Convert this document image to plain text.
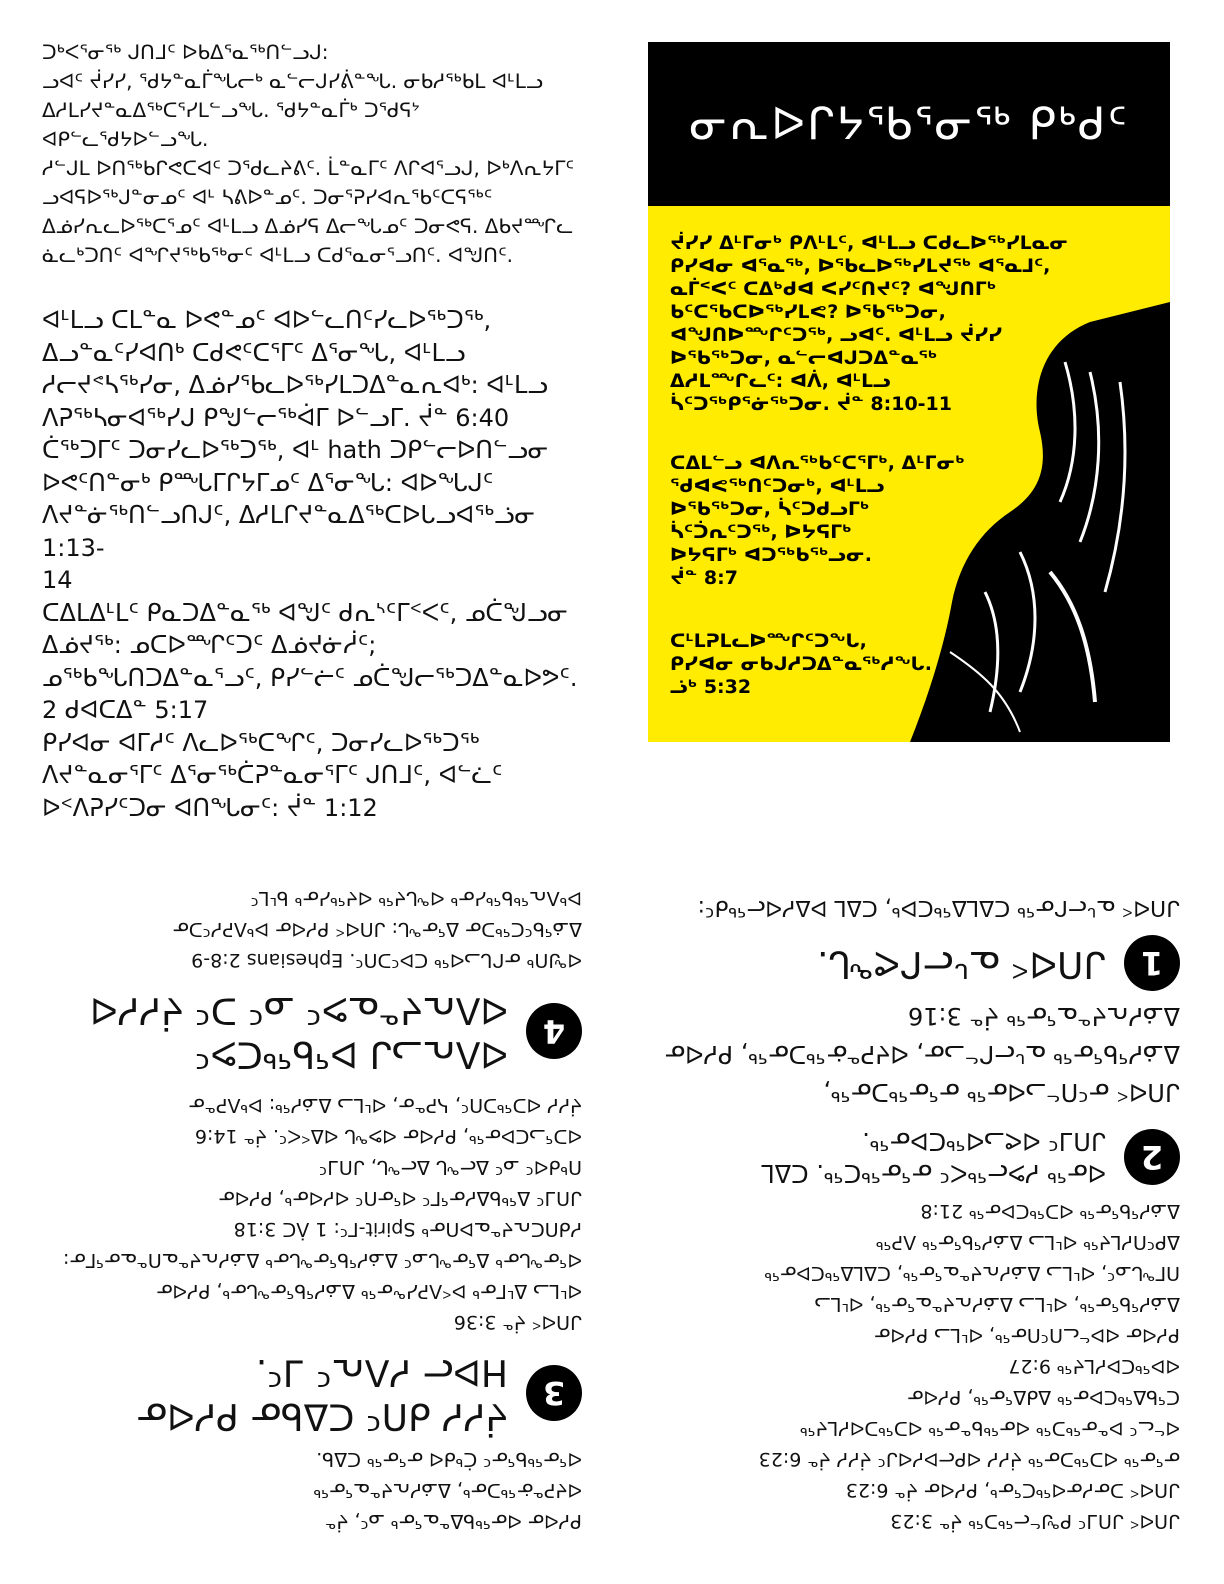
ᑐᒃᐸᕐᓂᖅ ᒍᑎᒧᑦ ᐅᑲᐃᕐᓇᖅᑎᓪᓗᒍ:
ᓗᐊᑦ ᔫᓯᓯ, ᖁᔭᓐᓇᒦᖓᓕᒃ ᓇᓪᓕᒍᓯᕖᓐᖓ. ᓂᑲᓱᖅᑲᒪ ᐊᒻᒪᓗ
ᐃᓱᒪᓯᔪᓐᓇᐃᖅᑕᕐᓯᒪᓪᓗᖓ. ᖁᔭᓐᓇᒦᒃ ᑐᖁᕋᔾ ᐊᑭᓪᓚᖁᔭᐅᓪᓗᖓ.
ᓱᓪᒍᒪ ᐅᑎᖅᑲᒋᕙᑕᐊᑦ ᑐᖁᓚᔨᕕᑦ. ᒫᓐᓇᒥᑦ ᐱᒋᐊᕐᓗᒍ, ᐅᒃᐱᕆᔭᒥᑦ
ᓗᐊᕋᐅᖅᒍᓐᓂᓄᑦ ᐊᒻ ᓴᕕᐅᓐᓄᑦ. ᑐᓂᕐᕈᓯᐊᕆᖃᑦᑕᕋᖅᑦ
ᐃᓅᓯᕆᓚᐅᖅᑕᕐᓄᑦ ᐊᒻᒪᓗ ᐃᓅᓯᕋ ᐃᓕᖓᓄᑦ ᑐᓂᕙᕋ. ᐃᑲᔪᙱᓚ
ᓈᓚᒃᑐᑎᑦ ᐊᖏᔪᖅᑲᖅᓂᑦ ᐊᒻᒪᓗ ᑕᑯᕐᓇᓂᕐᓗᑎᑦ. ᐊᖑᑎᑦ.

ᐊᒻᒪᓗ ᑕᒪᓐᓇ ᐅᕙᓐᓄᑦ ᐊᐅᓪᓚᑎᑦᓯᓚᐅᖅᑐᖅ,
ᐃᓗᓐᓇᑦᓯᐊᑎᒃ ᑕᑯᕙᑦᑕᕐᒥᑦ ᐃᕐᓂᖓ, ᐊᒻᒪᓗ
ᓱᓕᔪᕝᓴᖅᓯᓂ, ᐃᓅᓯᖃᓚᐅᖅᓯᒪᑐᐃᓐᓇᕆᐊᒃ: ᐊᒻᒪᓗ
ᐱᕈᖅᓴᓂᐊᖅᓯᒍ ᑭᖑᓪᓕᖅᐋᒥ ᐅᓪᓗᒥ. ᔫᓐ 6:40
ᑖᖅᑐᒥᑦ ᑐᓂᓯᓚᐅᖅᑐᖅ, ᐊᒻ hath ᑐᑭᓪᓕᐅᑎᓪᓗᓂ
ᐅᕙᑦᑎᓐᓂᒃ ᑭᙵᒥᒋᔭᒥᓄᑦ ᐃᕐᓂᖓ: ᐊᐅᖓᒍᑦ
ᐱᔪᓐᓃᖅᑎᓪᓗᑎᒍᑦ, ᐃᓱᒪᒋᔪᓐᓇᐃᖅᑕᐅᒐᓗᐊᖅᓘᓂ 1:13-
14
ᑕᐃᒪᐃᒻᒪᑦ ᑭᓇᑐᐃᓐᓇᖅ ᐊᖑᑦ ᑯᕆᔅᑦᒥᑉᐸᑦ, ᓄᑖᖑᓗᓂ
ᐃᓅᔪᖅ: ᓄᑕᐅᙱᑦᑐᑦ ᐃᓅᔪᓃᓲᑦ;
ᓄᖅᑲᖓᑎᑐᐃᓐᓇᕐᓗᑦ, ᑭᓯᓪᓖᑦ ᓄᑖᖑᓕᖅᑐᐃᓐᓇᐅᕗᑦ.
2 ᑯᐊᑕᐃᓐ 5:17
ᑭᓯᐊᓂ ᐊᒥᓱᑦ ᐱᓚᐅᖅᑕᖏᑦ, ᑐᓂᓯᓚᐅᖅᑐᖅ
ᐱᔪᓐᓇᓂᕐᒥᑦ ᐃᕐᓂᖅᑖᕈᓐᓇᓂᕐᒥᑦ ᒍᑎᒧᑦ, ᐊᓪᓛᑦ
ᐅᑉᐱᕈᓯᑦᑐᓂ ᐊᑎᖓᓂᑦ: ᔫᓐ 1:12

ᓂᕆᐅᒋᔭᖃᕐᓂᖅ ᑭᒃᑯᑦ

ᔫᓯᓯ ᐃᒻᒥᓂᒃ ᑭᐱᒻᒪᑦ, ᐊᒻᒪᓗ ᑕᑯᓚᐅᖅᓯᒪᓇᓂ
ᑭᓯᐊᓂ ᐊᕐᓇᖅ, ᐅᖃᓚᐅᖅᓯᒪᔪᖅ ᐊᕐᓇᒧᑦ,
ᓇᒦᑉᐸᑦ ᑕᐃᒃᑯᐊ ᐸᓯᑦᑎᔪᑦ? ᐊᖑᑎᒥᒃ
ᑲᑦᑕᖃᑕᐅᖅᓯᒪᕙ? ᐅᖃᖅᑐᓂ,
ᐊᖑᑎᐅᙱᑦᑐᖅ, ᓗᐊᑦ. ᐊᒻᒪᓗ ᔫᓯᓯ
ᐅᖃᖅᑐᓂ, ᓇᓪᓕᐊᒍᑐᐃᓐᓇᖅ
ᐃᓱᒪᙱᓚᑦ: ᐊᐲ, ᐊᒻᒪᓗ
ᓵᑦᑐᖅᑭᕐᓃᖅᑐᓂ. ᔫᓐ 8:10-11

ᑕᐃᒪᓪᓗ ᐊᐱᕆᖅᑲᑦᑕᕐᒥᒃ, ᐃᒻᒥᓂᒃ
ᖁᐊᕙᖅᑎᑦᑐᓂᒃ, ᐊᒻᒪᓗ
ᐅᖃᖅᑐᓂ, ᓵᑦᑐᑯᓗᒥᒃ
ᓵᑦᑑᕆᑦᑐᖅ, ᐅᔭᕋᒥᒃ
ᐅᔭᕋᒥᒃ ᐊᑐᖅᑲᖅᓗᓂ.
ᔫᓐ 8:7

ᑕᒻᒪᕈᒪᓚᐅᙱᑦᑐᖓ,
ᑭᓯᐊᓂ ᓂᑲᒍᓱᑐᐃᓐᓇᖅᓱᖓ.
ᓘᒃ 5:32

ᑭᓯᐊᓂ ᐊᓂᖅᑲᐃᓐᓇᕐᓂᒃ ᓄᑦ, ᔫᓐ
ᐊᔪᕈᓐᓃᖅᑐᓂᒃ, ᐃᓅᓯᕆᔪᓐᓇᕐᓂᖅ
ᐊᕐᓂᖅᑲᕐᓂᑦ ᑖᒃᑯᐊ ᓂᕐᓂᖅ ᑕᐃᑲ.

3

ᔫᓯᓯ ᑯᑎᑦ ᑕᐃᑲᓂ ᑭᓯᐊᓂ
ᕼᐅᓕ ᓯᐱᕆᑦ ᒧᑦ.

ᒍᑎᐊᑉ ᔫᓐ 3:36
ᐊᒻᒪᓗ ᐃᒻᒥᓂᒃ ᐅᑉᐱᕈᓱᖕᓂᖅ ᐃᓅᓯᖃᕐᓂᖓᓂᒃ, ᑭᓯᐊᓂ
ᐊᕐᓂᖓᓂᒃ ᐃᕐᓂᖓᓄᑦ ᐃᓅᓯᖃᕐᓂᖓᓂᒃ ᐃᓅᓯᕆᔪᓐᓇᑎᓐᓇᓂᕐᒥᓂ:
ᓯᑯᑎᑕᕆᔪᓐᓇᐅᑎᓂᒃ Spirit-ᒥᑦ: 1 ᐲᑕ 3:18
ᒍᑎᒧᑦ ᐃᖅᑲᐃᓯᓂᕐᒥᑦ ᐊᕐᓂᑎᑦ ᐊᓯᐊᓂᒃ, ᑭᓯᐊᓂ
ᑎᒃᑯᐊᑦ ᓄᑦ ᐃᓕᖓ ᐃᓕᖓ, ᒍᑎᒧᑦ
ᐊᑐᕐᓗᑕᐅᓂᖅ, ᑭᓯᐊᓂ ᐊᕗᖓ ᐊᐃᑉᐸᑦ. ᔫᓐ 14:6
ᔫᓯᓯ ᐊᑐᖅᑐᑎᑦ, ᓴᕈᓐᓂ, ᐊᒻᒪᓗ ᐃᓅᓯᖅ: ᐅᒃᐱᕈᓐᓂ

4

ᐊᐱᕆᓗᒍ ᐅᖃᖅᑕᕗᑦ
ᐊᐱᕆᔪᓐᓇᕗᑦ ᓄᑦ ᑐᑦ ᔫᓯᓯᐊ

ᐊᖑᑎᒃ ᓂᒋᒐᓗᐊᖅ ᑕᐅᑦᑐᑎᑦ. Ephesians 2:8-9
ᐃᓅᖃᑦᑕᖅᑐᓂ ᐃᕐᓂᖓ: ᒍᑎᐊᑉ ᑭᓯᐊᓂ ᐅᒃᐱᕈᓯᑦᑐᓂ
ᐅᒃᐱᕆᖅᑲᖅᓱᓂᒃ ᐊᖓᔪᖅ ᐊᔪᖅᓱᓂᒃ ᑲᒻᒪᑦ

ᒍᑎᐊᑉ ᒍᑎᒧᑦ ᑭᖑᓪᓕᖅᑐᖅ ᔫᓐ 3:23
ᒍᑎᐊᑉ ᑐᓂᓯᓂᐊᖅᑕᕐᓂᒃ, ᑭᓯᐊᓂ ᔫᓐ 6:23
ᓂᕐᓂᖅ ᐊᑐᖅᑐᓂᖅ ᔫᓯᓯ ᐊᑭᓕᐅᓯᐊᒍᑦ ᔫᓯᓯ ᔫᓐ 6:23
ᐊᓪᓚᑦ ᐅᓐᓂᖅᑐᖅ ᐊᓂᖅᑲᓐᓂᖅ ᐊᑐᖅᑐᐊᓯᒪᔪᖅ
ᑕᖃᐃᖅᑕᐅᓂᖅ ᐃᑯᐃᕐᓂᖅ, ᑭᓯᐊᓂ
ᐊᐅᖅᑕᐅᓯᒪᔪᖅ 9:27
ᑭᓯᐊᓂ ᐊᐅᓪᓚᑎᑦᑎᓂᖅ, ᐊᒻᒪᓗ ᑭᓯᐊᓂ
ᐃᓅᓯᖃᕐᓂᖅ, ᐊᒻᒪᓗ ᐃᓅᓯᕆᔪᓐᓇᕐᓂᖅ, ᐊᒻᒪᓗ
ᑎᒥᖓᓄᑦ, ᐊᒻᒪᓗ ᐃᓅᓯᕆᔪᓐᓇᕐᓂᖅ, ᑕᐃᒪᐃᖅᑕᐅᓂᖅ
ᐃᑭᑦᑎᓯᒪᔪᖅ ᐊᒻᒪᓗ ᐃᓅᓯᖃᕐᓂᖅ ᐱᕈᖅ
ᐃᓅᓯᖃᕐᓂᖅ ᐊᑐᖅᑕᐅᓂᖅ 21:8

2

ᐊᓂᖅ ᓯᕗᓕᖅᐸᑦ ᓂᕐᓂᖅᑕᖅ. ᑕᐃᒪ
ᒍᑎᒧᑦ ᐊᕙᓗᐊᖅᑕᐅᓂᖅ.

ᒍᑎᐊᑉ ᓂᑦᑎᓪᓗᐊᓂᖅ ᓂᕐᓂᖅᑐᓂᖅ,
ᐃᓅᓯᖃᕐᓂᖅ ᓇᒡᓕᒋᓪᓗᓂ, ᐊᔪᕈᓐᓃᖅᑐᓂᖅ, ᑭᓯᐊᓂ
ᐃᓅᓯᕆᔪᓐᓇᕐᓂᖅ ᔫᓐ 3:16

1

ᒍᑎᐊᑉ ᓇᒡᓕᒋᕙᖓ.

ᒍᑎᐊᑉ ᓇᒡᓕᒋᓂᖅ ᑕᐃᒪᐃᖅᑕᐅᒃ, ᑕᐃᒪ ᐅᐃᓯᐊᓕᖅᑯᑦ:
